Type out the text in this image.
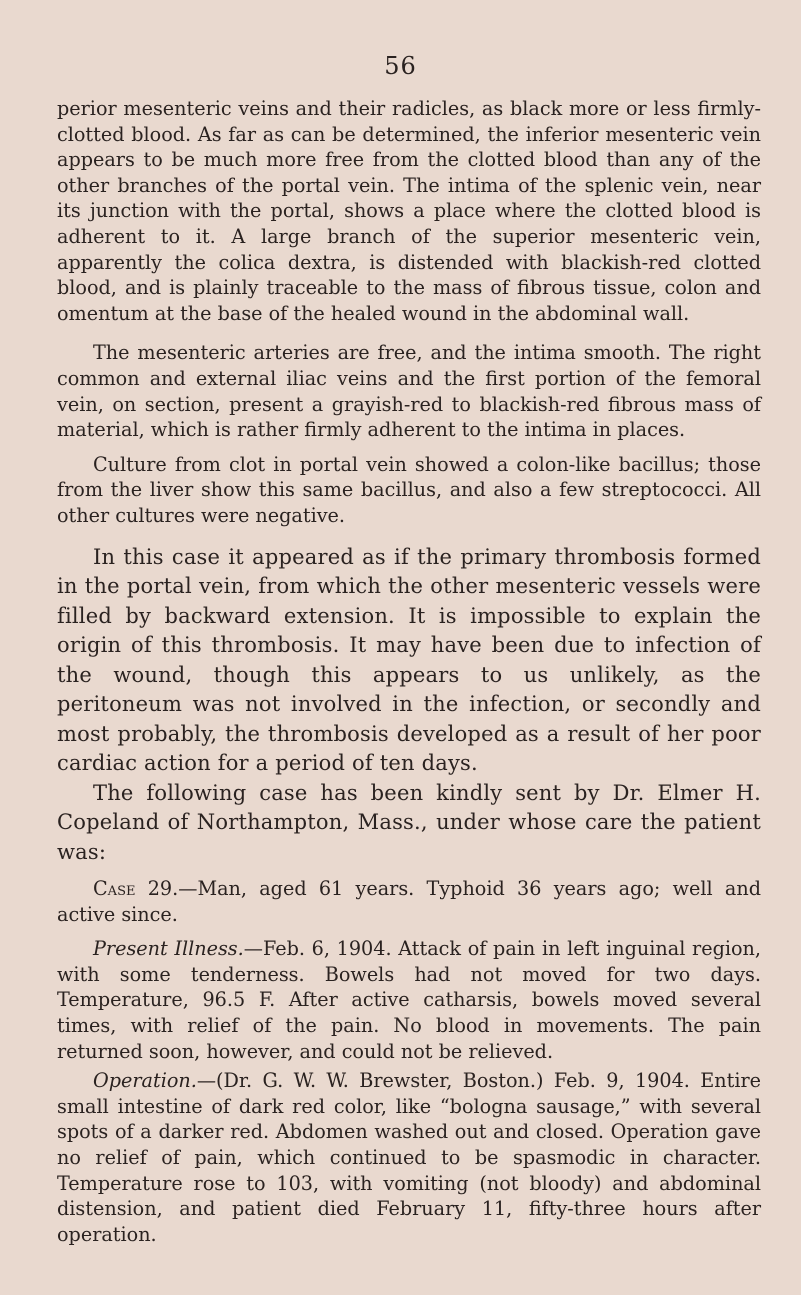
56

perior mesenteric veins and their radicles, as black more or less firmly-clotted blood. As far as can be determined, the inferior mesenteric vein appears to be much more free from the clotted blood than any of the other branches of the portal vein. The intima of the splenic vein, near its junction with the portal, shows a place where the clotted blood is adherent to it. A large branch of the superior mesenteric vein, apparently the colica dextra, is distended with blackish-red clotted blood, and is plainly traceable to the mass of fibrous tissue, colon and omentum at the base of the healed wound in the abdominal wall.

The mesenteric arteries are free, and the intima smooth. The right common and external iliac veins and the first portion of the femoral vein, on section, present a grayish-red to blackish-red fibrous mass of material, which is rather firmly adherent to the intima in places.

Culture from clot in portal vein showed a colon-like bacillus; those from the liver show this same bacillus, and also a few streptococci. All other cultures were negative.

In this case it appeared as if the primary thrombosis formed in the portal vein, from which the other mesenteric vessels were filled by backward extension. It is impossible to explain the origin of this thrombosis. It may have been due to infection of the wound, though this appears to us unlikely, as the peritoneum was not involved in the infection, or secondly and most probably, the thrombosis developed as a result of her poor cardiac action for a period of ten days.

The following case has been kindly sent by Dr. Elmer H. Copeland of Northampton, Mass., under whose care the patient was:

Case 29.—Man, aged 61 years. Typhoid 36 years ago; well and active since.

Present Illness.—Feb. 6, 1904. Attack of pain in left inguinal region, with some tenderness. Bowels had not moved for two days. Temperature, 96.5 F. After active catharsis, bowels moved several times, with relief of the pain. No blood in movements. The pain returned soon, however, and could not be relieved.

Operation.—(Dr. G. W. W. Brewster, Boston.) Feb. 9, 1904. Entire small intestine of dark red color, like “bologna sausage,” with several spots of a darker red. Abdomen washed out and closed. Operation gave no relief of pain, which continued to be spasmodic in character. Temperature rose to 103, with vomiting (not bloody) and abdominal distension, and patient died February 11, fifty-three hours after operation.
